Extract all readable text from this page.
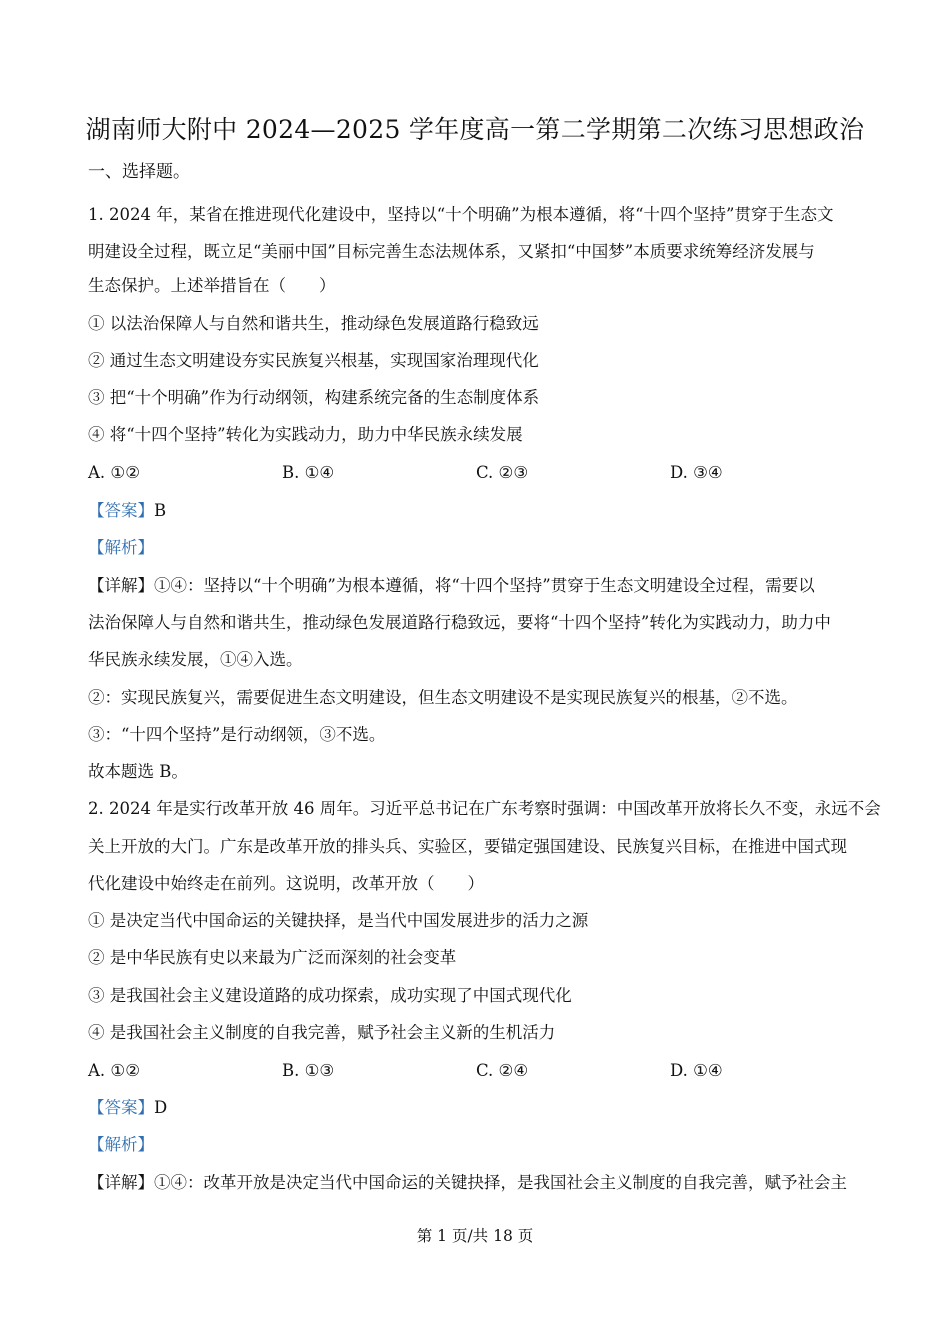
湖南师大附中 2024—2025 学年度高一第二学期第二次练习思想政治
一、选择题。
1. 2024 年，某省在推进现代化建设中，坚持以“十个明确”为根本遵循，将“十四个坚持”贯穿于生态文
明建设全过程，既立足“美丽中国”目标完善生态法规体系，又紧扣“中国梦”本质要求统筹经济发展与
生态保护。上述举措旨在（　　）
① 以法治保障人与自然和谐共生，推动绿色发展道路行稳致远
② 通过生态文明建设夯实民族复兴根基，实现国家治理现代化
③ 把“十个明确”作为行动纲领，构建系统完备的生态制度体系
④ 将“十四个坚持”转化为实践动力，助力中华民族永续发展
A. ①②	B. ①④	C. ②③	D. ③④
【答案】B
【解析】
【详解】①④：坚持以“十个明确”为根本遵循，将“十四个坚持”贯穿于生态文明建设全过程，需要以
法治保障人与自然和谐共生，推动绿色发展道路行稳致远，要将“十四个坚持”转化为实践动力，助力中
华民族永续发展，①④入选。
②：实现民族复兴，需要促进生态文明建设，但生态文明建设不是实现民族复兴的根基，②不选。
③：“十四个坚持”是行动纲领，③不选。
故本题选 B。
2. 2024 年是实行改革开放 46 周年。习近平总书记在广东考察时强调：中国改革开放将长久不变，永远不会
关上开放的大门。广东是改革开放的排头兵、实验区，要锚定强国建设、民族复兴目标，在推进中国式现
代化建设中始终走在前列。这说明，改革开放（　　）
① 是决定当代中国命运的关键抉择，是当代中国发展进步的活力之源
② 是中华民族有史以来最为广泛而深刻的社会变革
③ 是我国社会主义建设道路的成功探索，成功实现了中国式现代化
④ 是我国社会主义制度的自我完善，赋予社会主义新的生机活力
A. ①②	B. ①③	C. ②④	D. ①④
【答案】D
【解析】
【详解】①④：改革开放是决定当代中国命运的关键抉择，是我国社会主义制度的自我完善，赋予社会主
第 1 页/共 18 页
